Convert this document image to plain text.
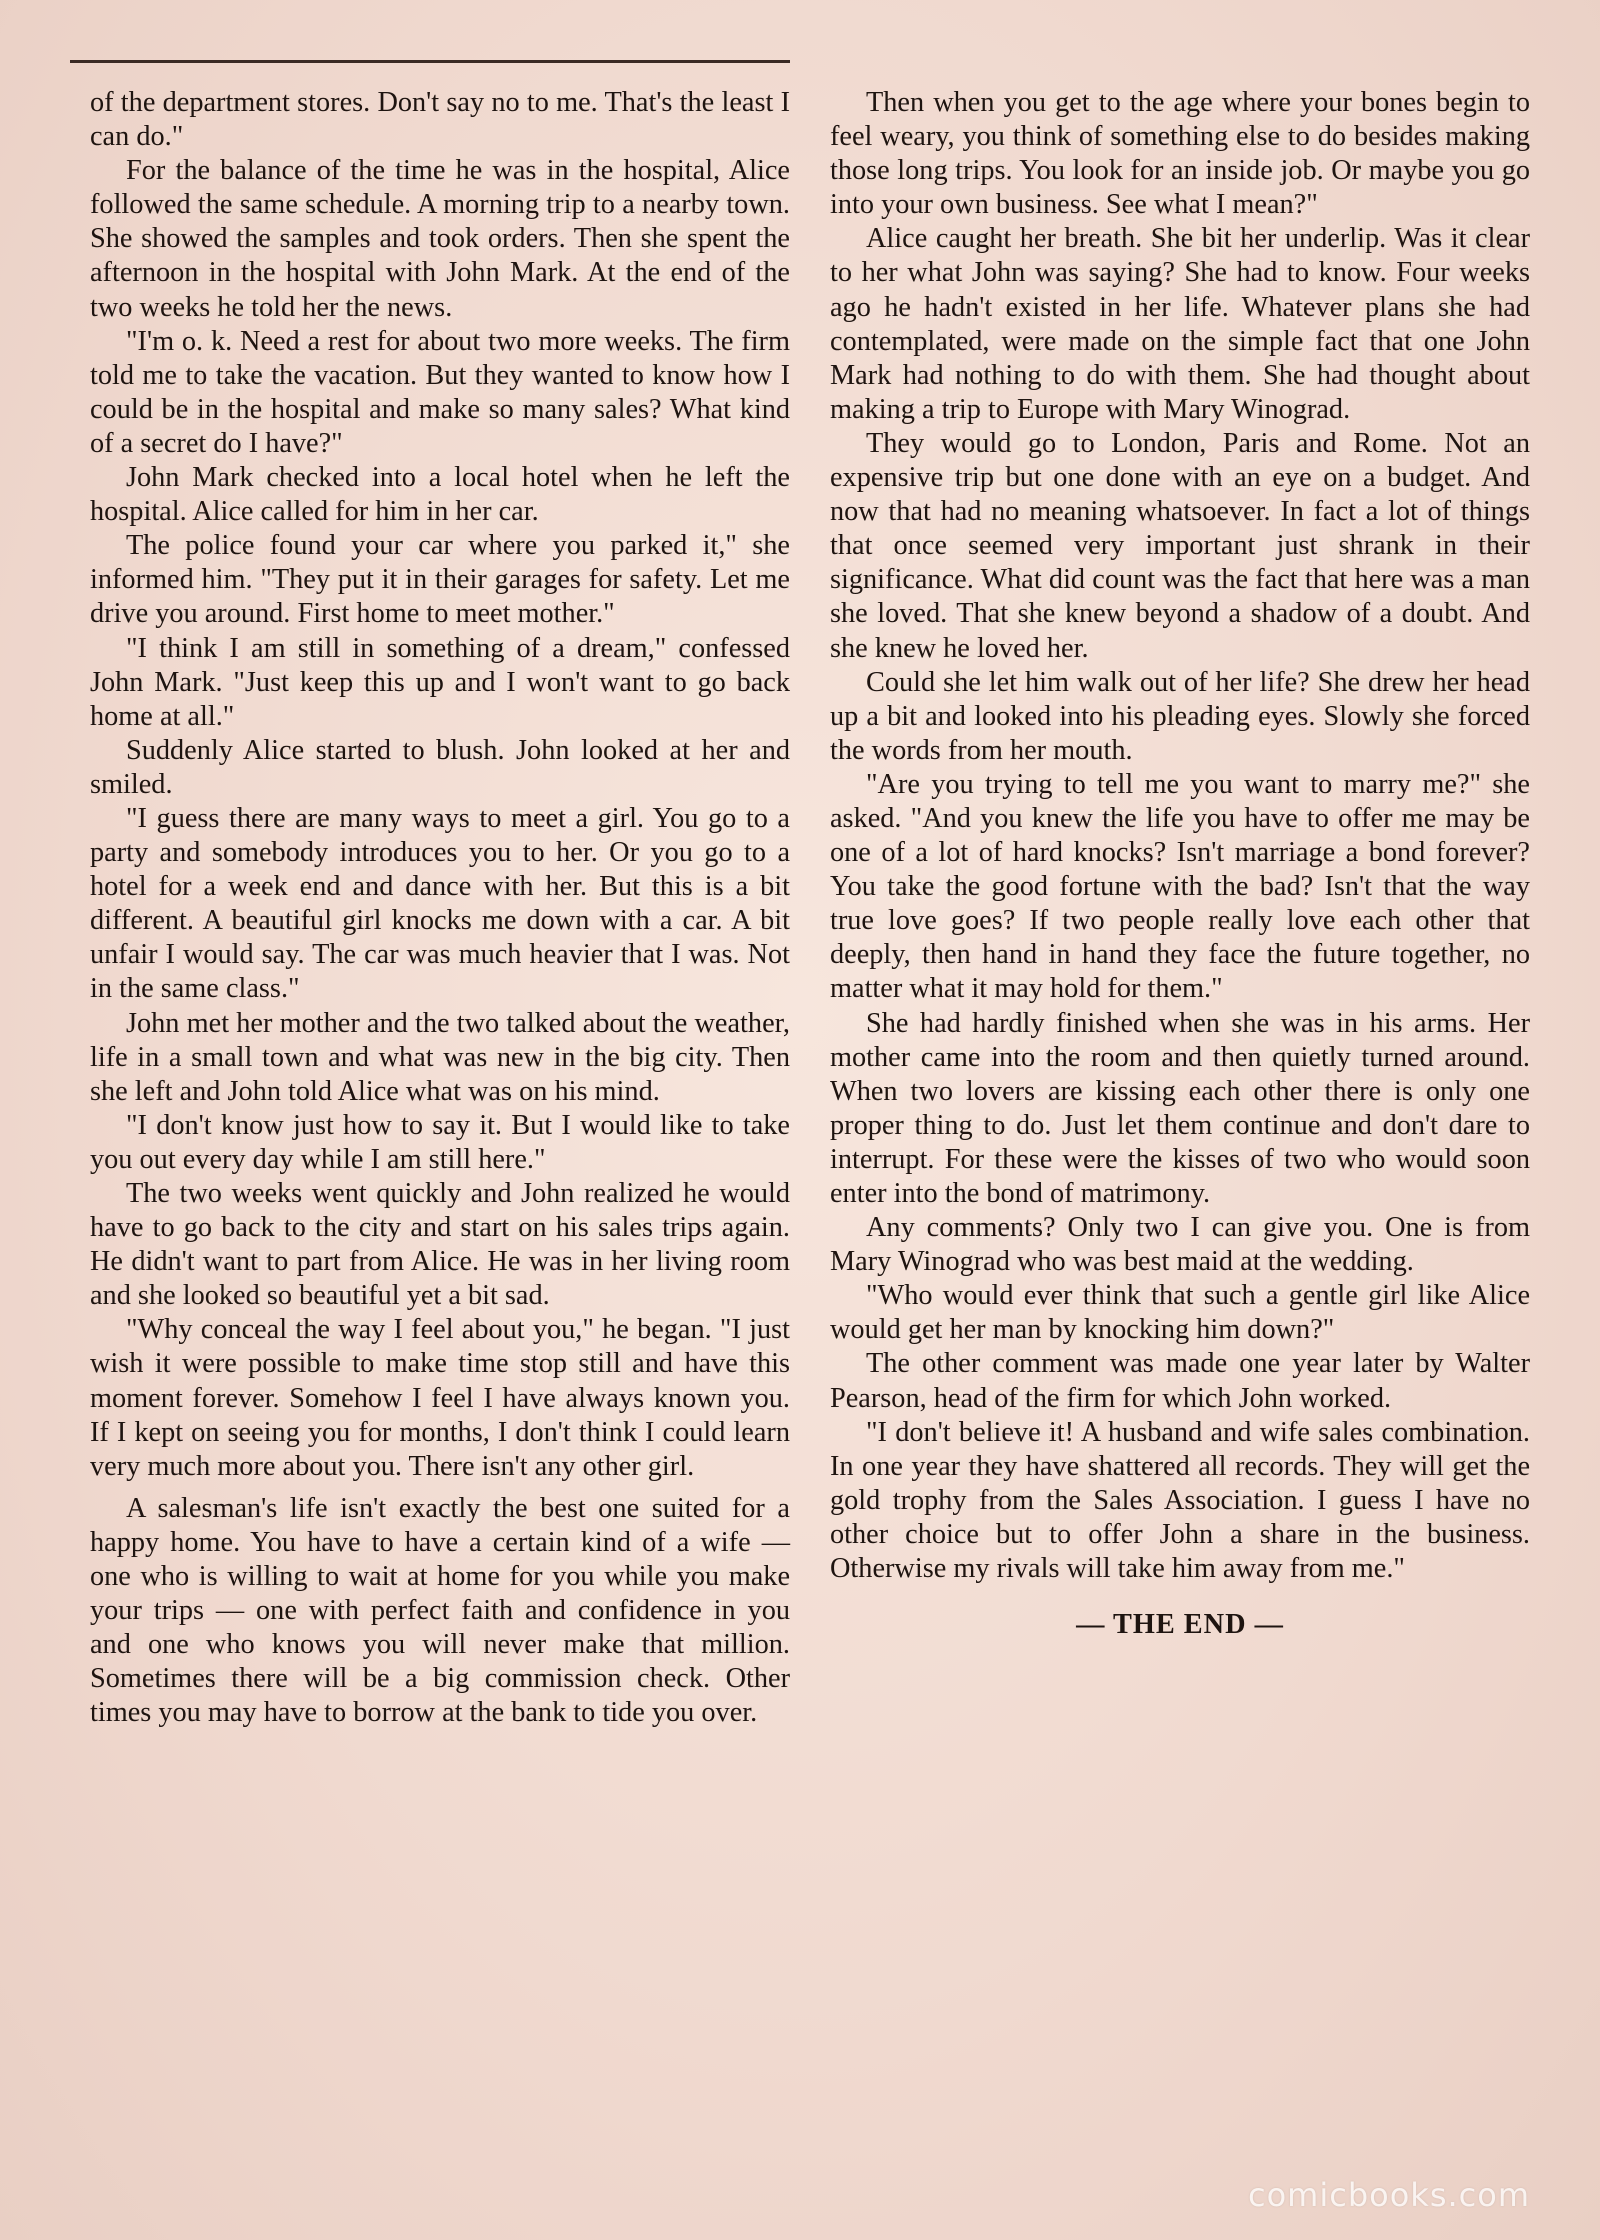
of the department stores. Don't say no to me. That's the least I can do."

For the balance of the time he was in the hospital, Alice followed the same schedule. A morning trip to a nearby town. She showed the samples and took orders. Then she spent the afternoon in the hospital with John Mark. At the end of the two weeks he told her the news.

"I'm o. k. Need a rest for about two more weeks. The firm told me to take the vacation. But they wanted to know how I could be in the hospital and make so many sales? What kind of a secret do I have?"

John Mark checked into a local hotel when he left the hospital. Alice called for him in her car.

The police found your car where you parked it," she informed him. "They put it in their garages for safety. Let me drive you around. First home to meet mother."

"I think I am still in something of a dream," confessed John Mark. "Just keep this up and I won't want to go back home at all."

Suddenly Alice started to blush. John looked at her and smiled.

"I guess there are many ways to meet a girl. You go to a party and somebody introduces you to her. Or you go to a hotel for a week end and dance with her. But this is a bit different. A beautiful girl knocks me down with a car. A bit unfair I would say. The car was much heavier that I was. Not in the same class."

John met her mother and the two talked about the weather, life in a small town and what was new in the big city. Then she left and John told Alice what was on his mind.

"I don't know just how to say it. But I would like to take you out every day while I am still here."

The two weeks went quickly and John realized he would have to go back to the city and start on his sales trips again. He didn't want to part from Alice. He was in her living room and she looked so beautiful yet a bit sad.

"Why conceal the way I feel about you," he began. "I just wish it were possible to make time stop still and have this moment forever. Somehow I feel I have always known you. If I kept on seeing you for months, I don't think I could learn very much more about you. There isn't any other girl.

A salesman's life isn't exactly the best one suited for a happy home. You have to have a certain kind of a wife — one who is willing to wait at home for you while you make your trips — one with perfect faith and confidence in you and one who knows you will never make that million. Sometimes there will be a big commission check. Other times you may have to borrow at the bank to tide you over.

Then when you get to the age where your bones begin to feel weary, you think of something else to do besides making those long trips. You look for an inside job. Or maybe you go into your own business. See what I mean?"

Alice caught her breath. She bit her underlip. Was it clear to her what John was saying? She had to know. Four weeks ago he hadn't existed in her life. Whatever plans she had contemplated, were made on the simple fact that one John Mark had nothing to do with them. She had thought about making a trip to Europe with Mary Winograd.

They would go to London, Paris and Rome. Not an expensive trip but one done with an eye on a budget. And now that had no meaning whatsoever. In fact a lot of things that once seemed very important just shrank in their significance. What did count was the fact that here was a man she loved. That she knew beyond a shadow of a doubt. And she knew he loved her.

Could she let him walk out of her life? She drew her head up a bit and looked into his pleading eyes. Slowly she forced the words from her mouth.

"Are you trying to tell me you want to marry me?" she asked. "And you knew the life you have to offer me may be one of a lot of hard knocks? Isn't marriage a bond forever? You take the good fortune with the bad? Isn't that the way true love goes? If two people really love each other that deeply, then hand in hand they face the future together, no matter what it may hold for them."

She had hardly finished when she was in his arms. Her mother came into the room and then quietly turned around. When two lovers are kissing each other there is only one proper thing to do. Just let them continue and don't dare to interrupt. For these were the kisses of two who would soon enter into the bond of matrimony.

Any comments? Only two I can give you. One is from Mary Winograd who was best maid at the wedding.

"Who would ever think that such a gentle girl like Alice would get her man by knocking him down?"

The other comment was made one year later by Walter Pearson, head of the firm for which John worked.

"I don't believe it! A husband and wife sales combination. In one year they have shattered all records. They will get the gold trophy from the Sales Association. I guess I have no other choice but to offer John a share in the business. Otherwise my rivals will take him away from me."

— THE END —

comicbooks.com
